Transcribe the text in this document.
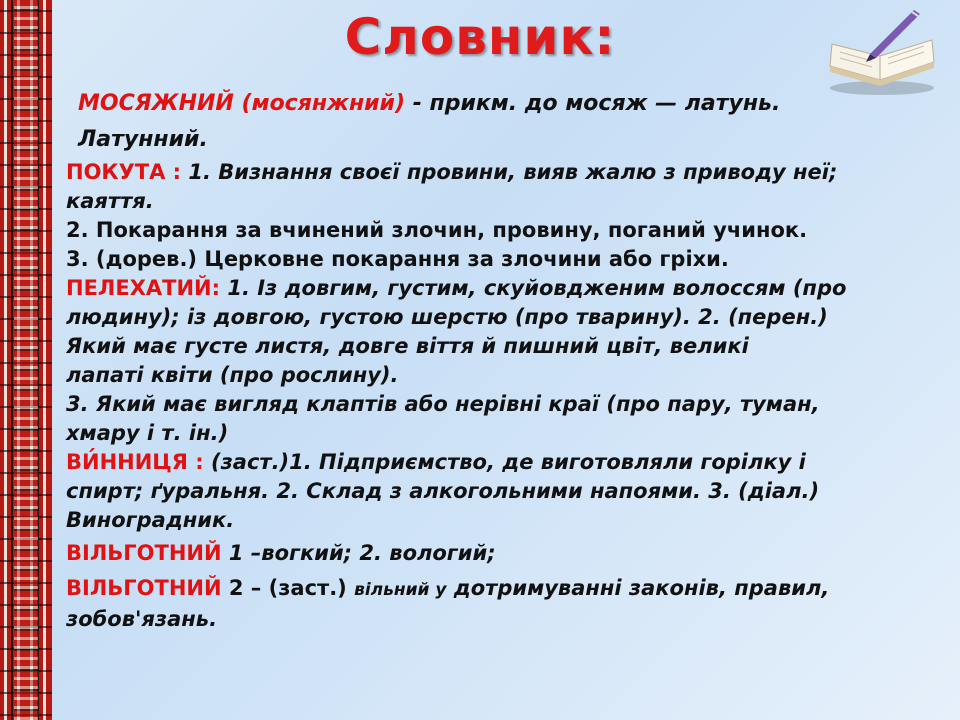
Словник:

МОСЯЖНИЙ (мосянжний) - прикм. до мосяж — латунь.

Латунний.

ПОКУТА : 1. Визнання своєї провини, вияв жалю з приводу неї;

каяття.

2. Покарання за вчинений злочин, провину, поганий учинок.

3. (дорев.) Церковне покарання за злочини або гріхи.

ПЕЛЕХАТИЙ: 1. Із довгим, густим, скуйовдженим волоссям (про

людину); із довгою, густою шерстю (про тварину). 2. (перен.)

Який має густе листя, довге віття й пишний цвіт, великі

лапаті квіти (про рослину).

3. Який має вигляд клаптів або нерівні краї (про пару, туман,

хмару і т. ін.)

ВИ́ННИЦЯ : (заст.)1. Підприємство, де виготовляли горілку і

спирт; ґуральня. 2. Склад з алкогольними напоями. 3. (діал.)

Виноградник.

ВІЛЬГОТНИЙ 1 –вогкий; 2. вологий;

ВІЛЬГОТНИЙ 2 – (заст.) вільний у дотримуванні законів, правил,

зобов'язань.
